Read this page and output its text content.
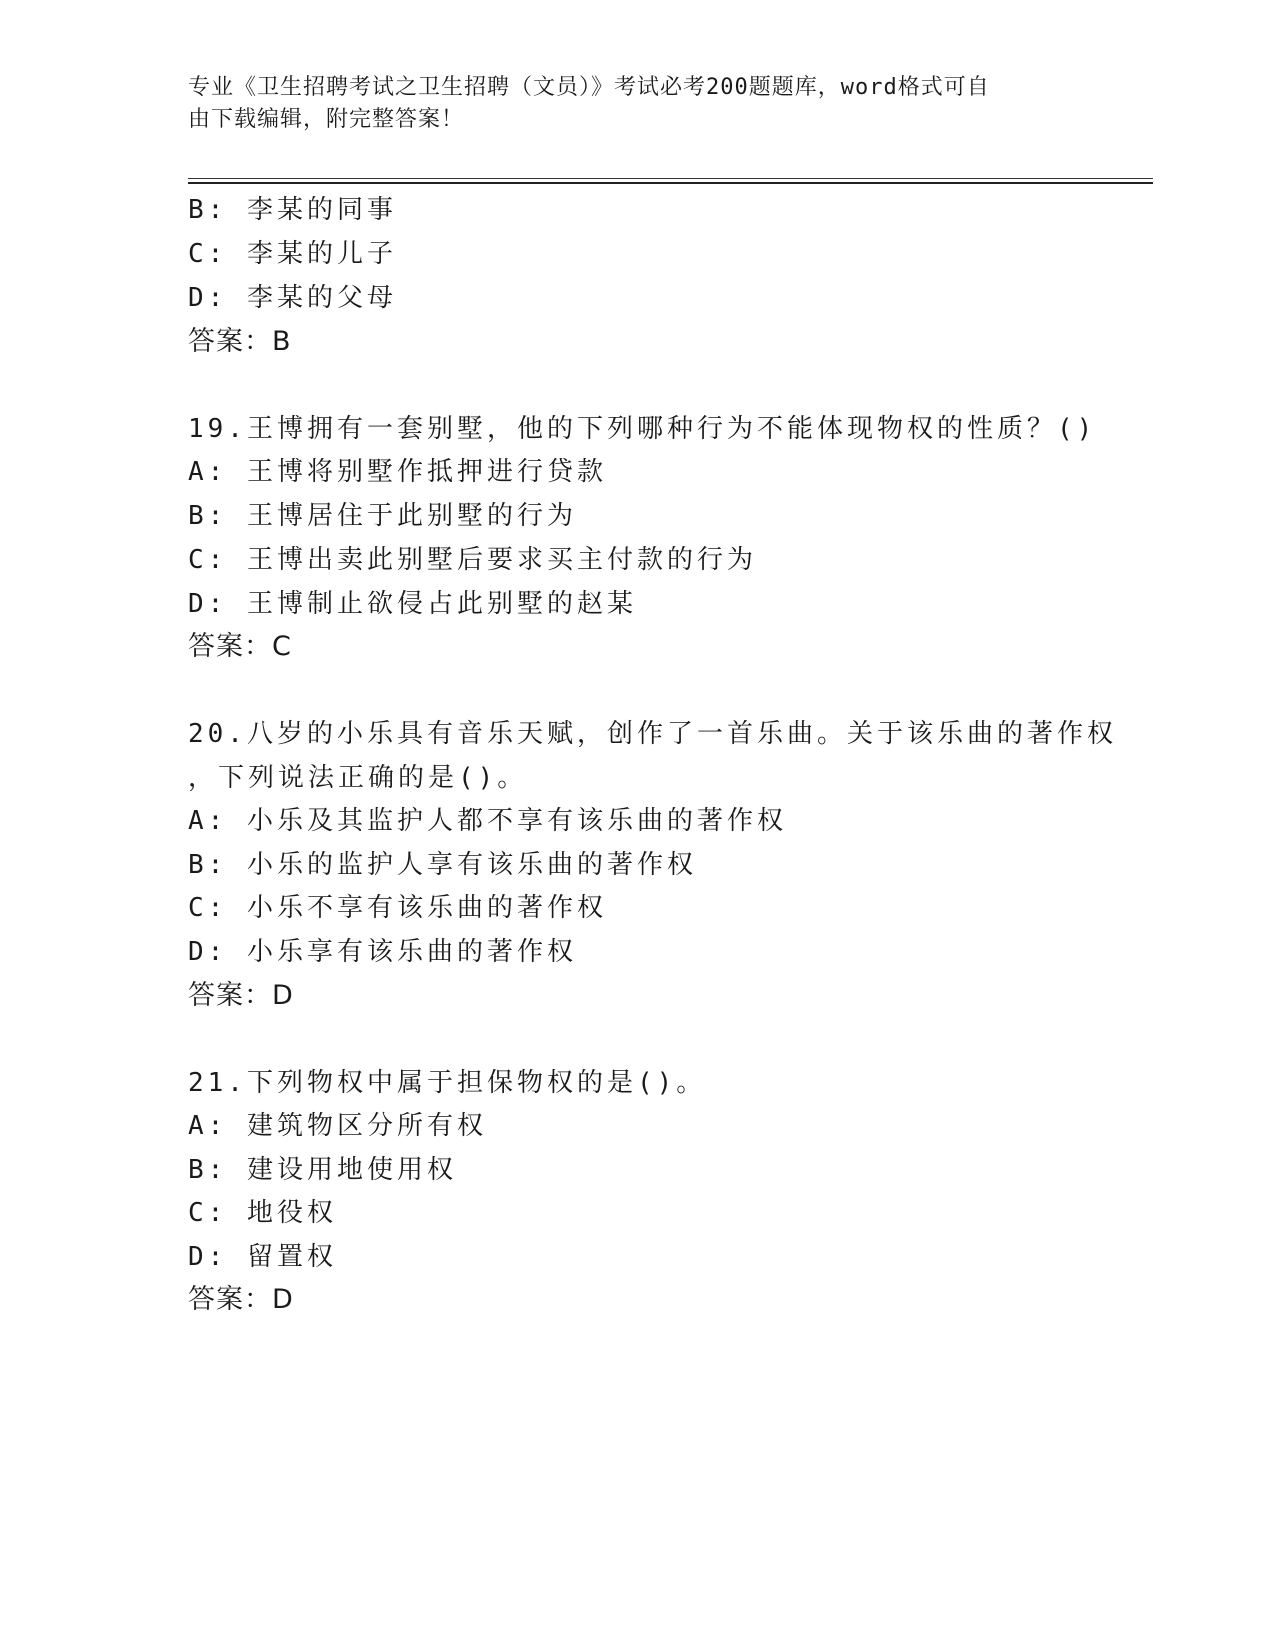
专业《卫生招聘考试之卫生招聘（文员）》考试必考200题题库，word格式可自
由下载编辑，附完整答案！
B: 李某的同事
C: 李某的儿子
D: 李某的父母
答案：B
19.王博拥有一套别墅，他的下列哪种行为不能体现物权的性质？()
A: 王博将别墅作抵押进行贷款
B: 王博居住于此别墅的行为
C: 王博出卖此别墅后要求买主付款的行为
D: 王博制止欲侵占此别墅的赵某
答案：C
20.八岁的小乐具有音乐天赋，创作了一首乐曲。关于该乐曲的著作权
，下列说法正确的是()。
A: 小乐及其监护人都不享有该乐曲的著作权
B: 小乐的监护人享有该乐曲的著作权
C: 小乐不享有该乐曲的著作权
D: 小乐享有该乐曲的著作权
答案：D
21.下列物权中属于担保物权的是()。
A: 建筑物区分所有权
B: 建设用地使用权
C: 地役权
D: 留置权
答案：D
